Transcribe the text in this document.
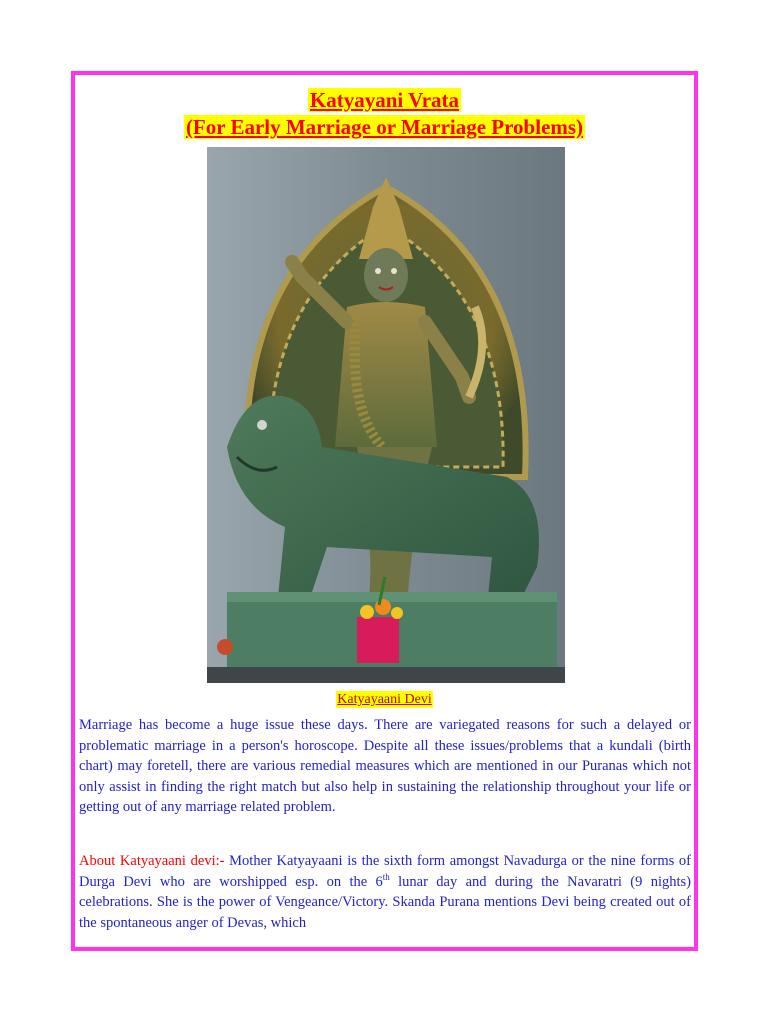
Katyayani Vrata
(For Early Marriage or Marriage Problems)
Katyayaani Devi

Marriage has become a huge issue these days. There are variegated reasons for such a delayed or problematic marriage in a person's horoscope. Despite all these issues/problems that a kundali (birth chart) may foretell, there are various remedial measures which are mentioned in our Puranas which not only assist in finding the right match but also help in sustaining the relationship throughout your life or getting out of any marriage related problem.

About Katyayaani devi:- Mother Katyayaani is the sixth form amongst Navadurga or the nine forms of Durga Devi who are worshipped esp. on the 6th lunar day and during the Navaratri (9 nights) celebrations. She is the power of Vengeance/Victory. Skanda Purana mentions Devi being created out of the spontaneous anger of Devas, which
